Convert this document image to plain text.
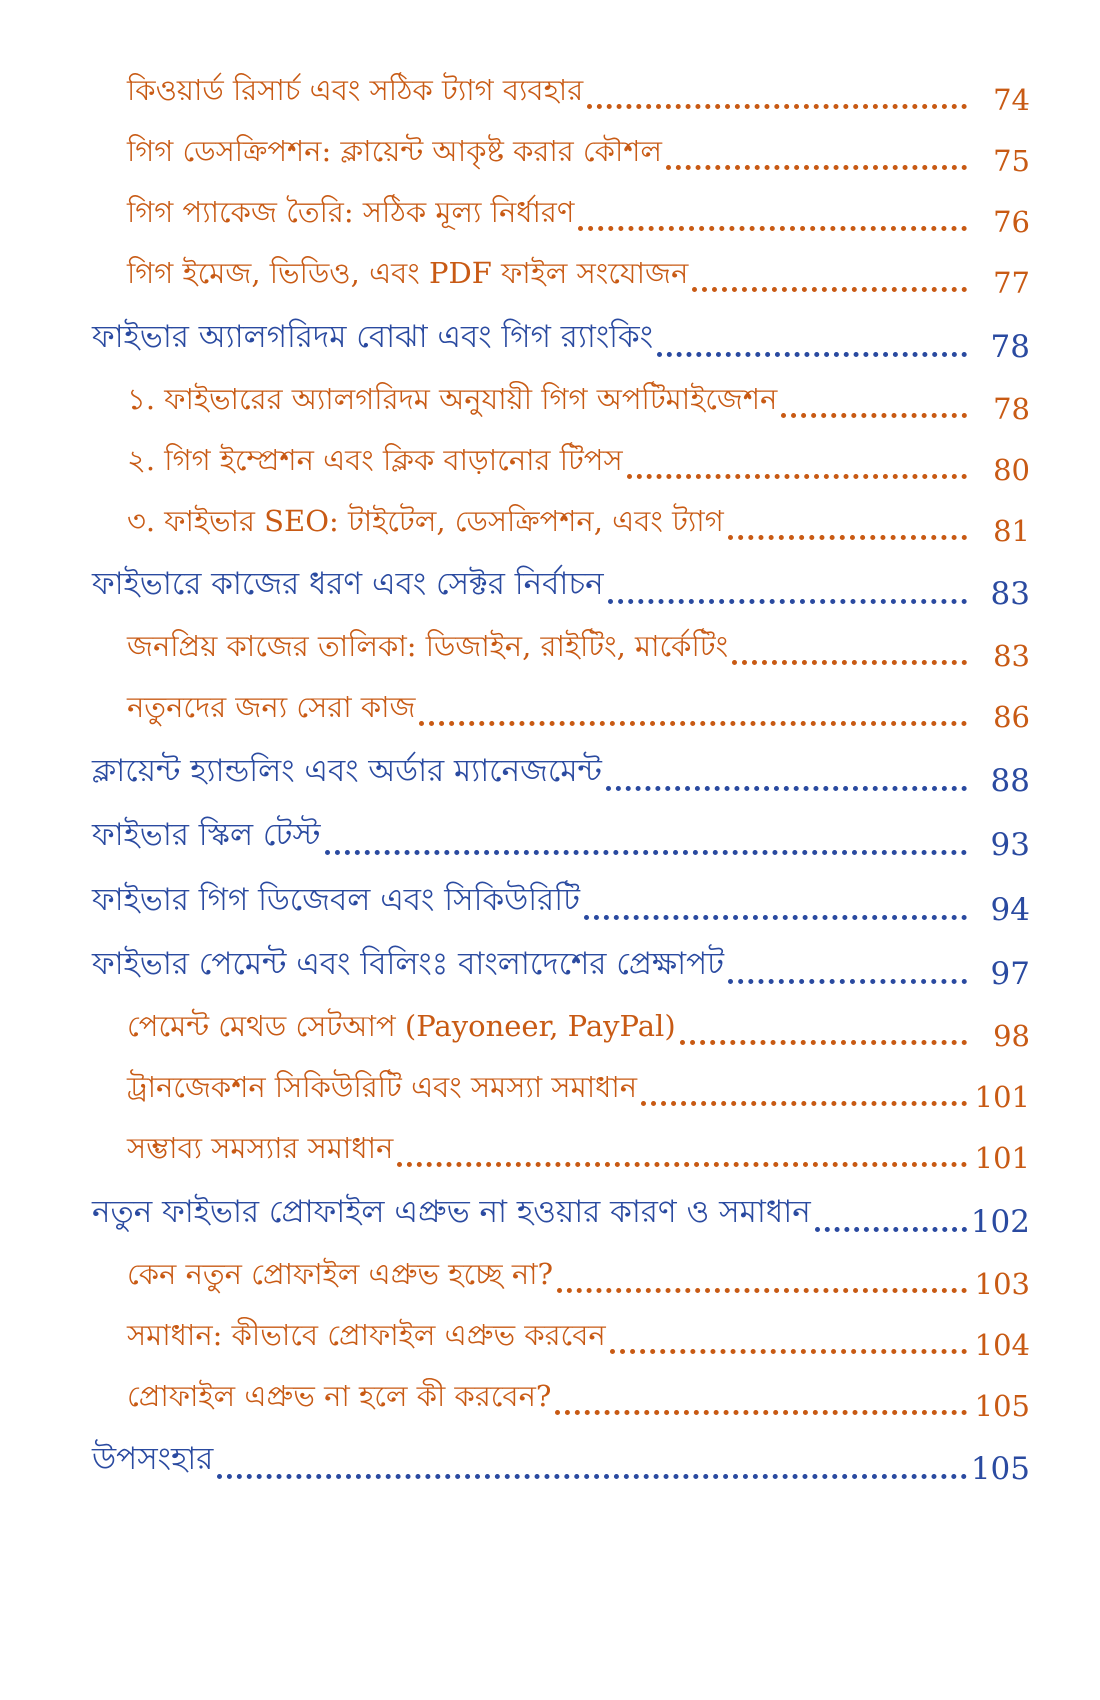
কিওয়ার্ড রিসার্চ এবং সঠিক ট্যাগ ব্যবহার	74
গিগ ডেসক্রিপশন: ক্লায়েন্ট আকৃষ্ট করার কৌশল	75
গিগ প্যাকেজ তৈরি: সঠিক মূল্য নির্ধারণ	76
গিগ ইমেজ, ভিডিও, এবং PDF ফাইল সংযোজন	77
ফাইভার অ্যালগরিদম বোঝা এবং গিগ র‍্যাংকিং	78
১. ফাইভারের অ্যালগরিদম অনুযায়ী গিগ অপটিমাইজেশন	78
২. গিগ ইম্প্রেশন এবং ক্লিক বাড়ানোর টিপস	80
৩. ফাইভার SEO: টাইটেল, ডেসক্রিপশন, এবং ট্যাগ	81
ফাইভারে কাজের ধরণ এবং সেক্টর নির্বাচন	83
জনপ্রিয় কাজের তালিকা: ডিজাইন, রাইটিং, মার্কেটিং	83
নতুনদের জন্য সেরা কাজ	86
ক্লায়েন্ট হ্যান্ডলিং এবং অর্ডার ম্যানেজমেন্ট	88
ফাইভার স্কিল টেস্ট	93
ফাইভার গিগ ডিজেবল এবং সিকিউরিটি	94
ফাইভার পেমেন্ট এবং বিলিংঃ বাংলাদেশের প্রেক্ষাপট	97
পেমেন্ট মেথড সেটআপ (Payoneer, PayPal)	98
ট্রানজেকশন সিকিউরিটি এবং সমস্যা সমাধান	101
সম্ভাব্য সমস্যার সমাধান	101
নতুন ফাইভার প্রোফাইল এপ্রুভ না হওয়ার কারণ ও সমাধান	102
কেন নতুন প্রোফাইল এপ্রুভ হচ্ছে না?	103
সমাধান: কীভাবে প্রোফাইল এপ্রুভ করবেন	104
প্রোফাইল এপ্রুভ না হলে কী করবেন?	105
উপসংহার	105
